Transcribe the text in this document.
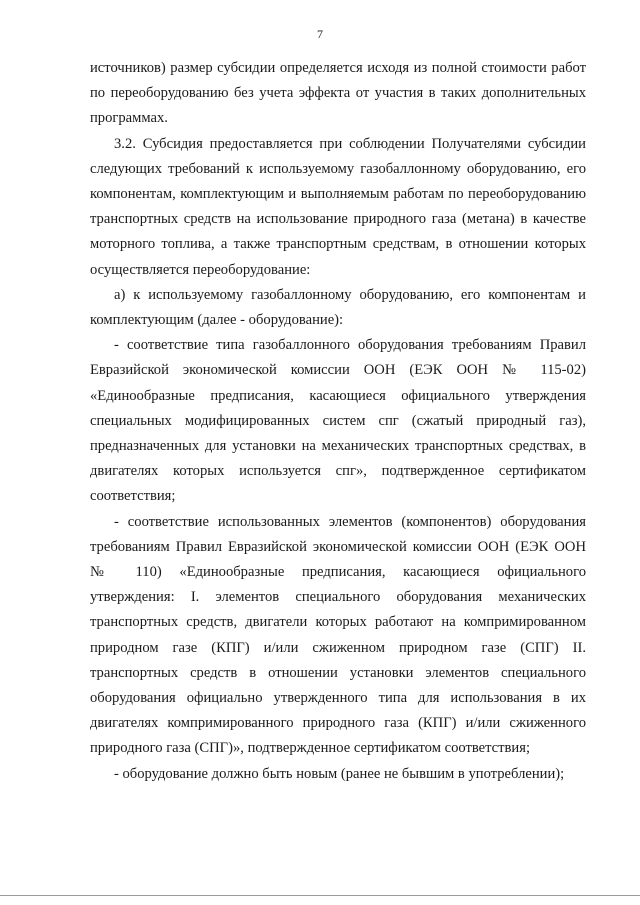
7

источников) размер субсидии определяется исходя из полной стоимости работ по переоборудованию без учета эффекта от участия в таких дополнительных программах.

3.2. Субсидия предоставляется при соблюдении Получателями субсидии следующих требований к используемому газобаллонному оборудованию, его компонентам, комплектующим и выполняемым работам по переоборудованию транспортных средств на использование природного газа (метана) в качестве моторного топлива, а также транспортным средствам, в отношении которых осуществляется переоборудование:

а) к используемому газобаллонному оборудованию, его компонентам и комплектующим (далее - оборудование):

- соответствие типа газобаллонного оборудования требованиям Правил Евразийской экономической комиссии ООН (ЕЭК ООН № 115-02) «Единообразные предписания, касающиеся официального утверждения специальных модифицированных систем спг (сжатый природный газ), предназначенных для установки на механических транспортных средствах, в двигателях которых используется спг», подтвержденное сертификатом соответствия;

- соответствие использованных элементов (компонентов) оборудования требованиям Правил Евразийской экономической комиссии ООН (ЕЭК ООН № 110) «Единообразные предписания, касающиеся официального утверждения: I. элементов специального оборудования механических транспортных средств, двигатели которых работают на компримированном природном газе (КПГ) и/или сжиженном природном газе (СПГ) II. транспортных средств в отношении установки элементов специального оборудования официально утвержденного типа для использования в их двигателях компримированного природного газа (КПГ) и/или сжиженного природного газа (СПГ)», подтвержденное сертификатом соответствия;

- оборудование должно быть новым (ранее не бывшим в употреблении);
